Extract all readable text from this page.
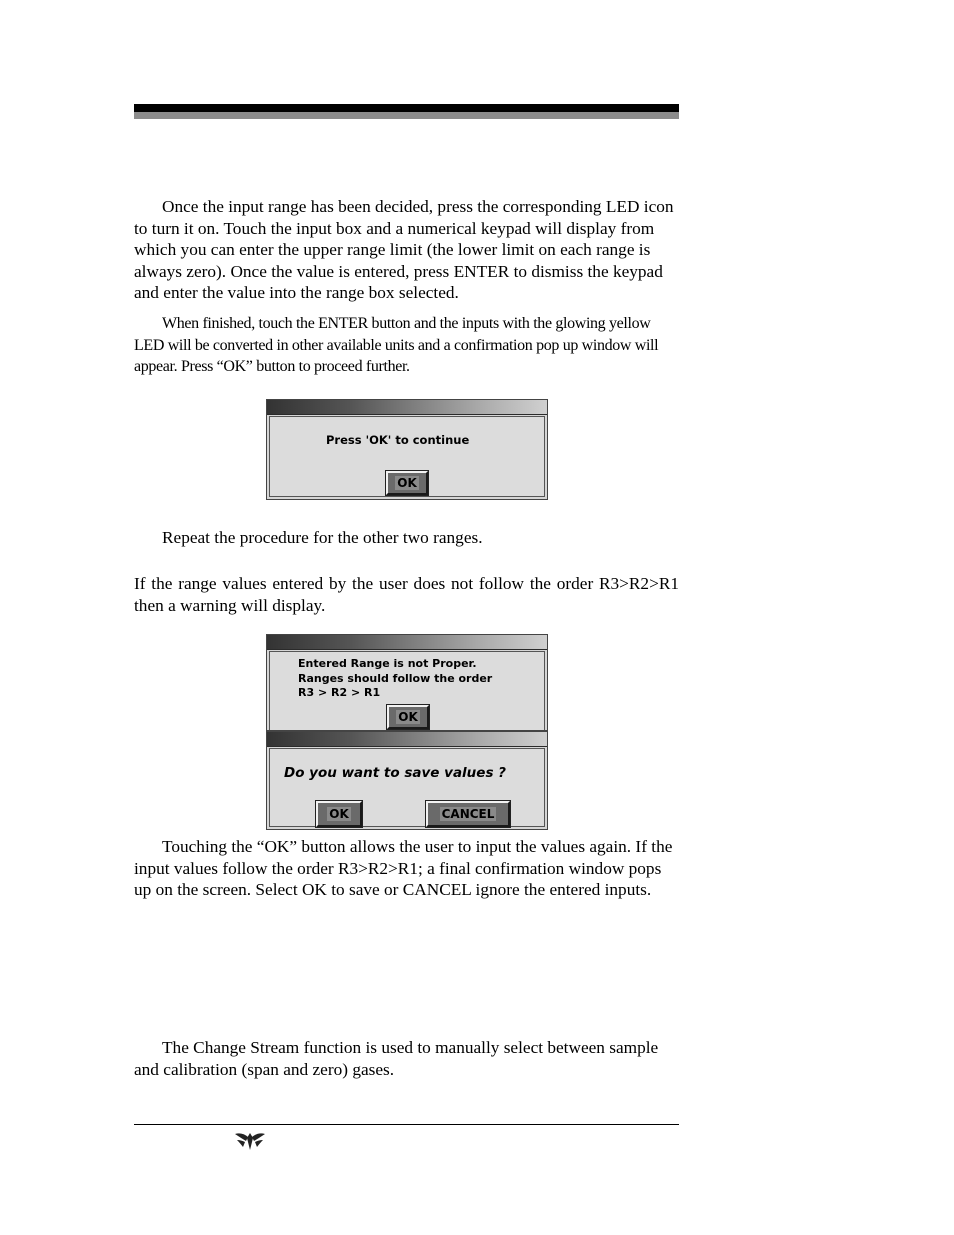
Once the input range has been decided, press the corresponding LED icon to turn it on. Touch the input box and a numerical keypad will display from which you can enter the upper range limit (the lower limit on each range is always zero). Once the value is entered, press ENTER to dismiss the keypad and enter the value into the range box selected.

When finished, touch the ENTER button and the inputs with the glowing yellow LED will be converted in other available units and a confirmation pop up window will appear. Press “OK” button to proceed further.

Press 'OK' to continue
OK

Repeat the procedure for the other two ranges.

If the range values entered by the user does not follow the order R3>R2>R1 then a warning will display.

Entered Range is not Proper.
Ranges should follow the order
R3 > R2 > R1
OK
Do you want to save values ?
OK	CANCEL

Touching the “OK” button allows the user to input the values again. If the input values follow the order R3>R2>R1; a final confirmation window pops up on the screen. Select OK to save or CANCEL ignore the entered inputs.

The Change Stream function is used to manually select between sample and calibration (span and zero) gases.
